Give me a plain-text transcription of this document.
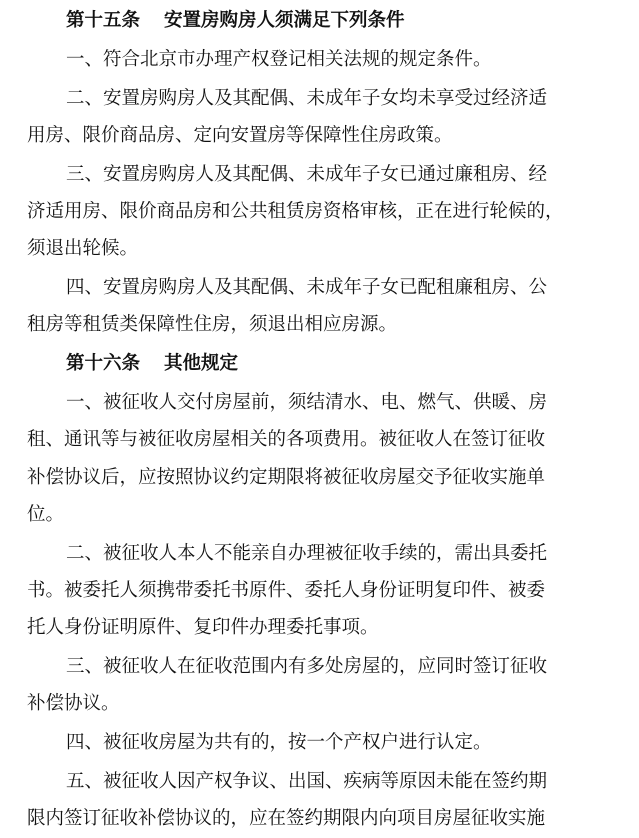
第十五条 安置房购房人须满足下列条件
一、符合北京市办理产权登记相关法规的规定条件。
二、安置房购房人及其配偶、未成年子女均未享受过经济适
用房、限价商品房、定向安置房等保障性住房政策。
三、安置房购房人及其配偶、未成年子女已通过廉租房、经
济适用房、限价商品房和公共租赁房资格审核，正在进行轮候的，
须退出轮候。
四、安置房购房人及其配偶、未成年子女已配租廉租房、公
租房等租赁类保障性住房，须退出相应房源。
第十六条 其他规定
一、被征收人交付房屋前，须结清水、电、燃气、供暖、房
租、通讯等与被征收房屋相关的各项费用。被征收人在签订征收
补偿协议后，应按照协议约定期限将被征收房屋交予征收实施单
位。
二、被征收人本人不能亲自办理被征收手续的，需出具委托
书。被委托人须携带委托书原件、委托人身份证明复印件、被委
托人身份证明原件、复印件办理委托事项。
三、被征收人在征收范围内有多处房屋的，应同时签订征收
补偿协议。
四、被征收房屋为共有的，按一个产权户进行认定。
五、被征收人因产权争议、出国、疾病等原因未能在签约期
限内签订征收补偿协议的，应在签约期限内向项目房屋征收实施
